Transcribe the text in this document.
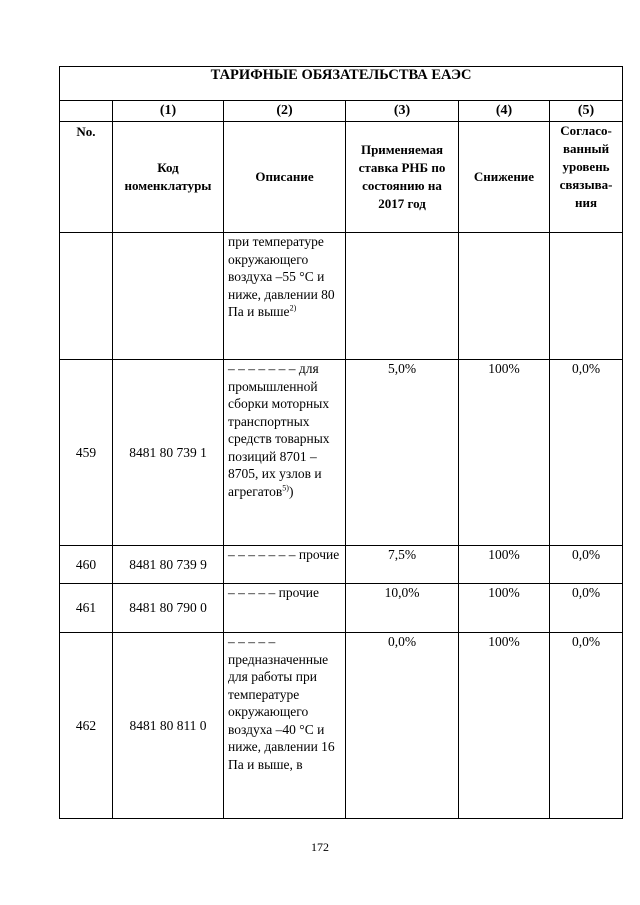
ТАРИФНЫЕ ОБЯЗАТЕЛЬСТВА ЕАЭС					
	(1)	(2)	(3)	(4)	(5)
No.	Код номенклатуры	Описание	Применяемая ставка РНБ по состоянию на 2017 год	Снижение	Согласо-ванный уровень связыва-ния
		при температуре окружающего воздуха –55 °С и ниже, давлении 80 Па и выше$^{2)}$			
459	8481 80 739 1	– – – – – – – для промышленной сборки моторных транспортных средств товарных позиций 8701 – 8705, их узлов и агрегатов$^{5)}$)	5,0%	100%	0,0%
460	8481 80 739 9	– – – – – – – прочие	7,5%	100%	0,0%
461	8481 80 790 0	– – – – – прочие	10,0%	100%	0,0%
462	8481 80 811 0	– – – – – предназначенные для работы при температуре окружающего воздуха –40 °С и ниже, давлении 16 Па и выше, в	0,0%	100%	0,0%
172
